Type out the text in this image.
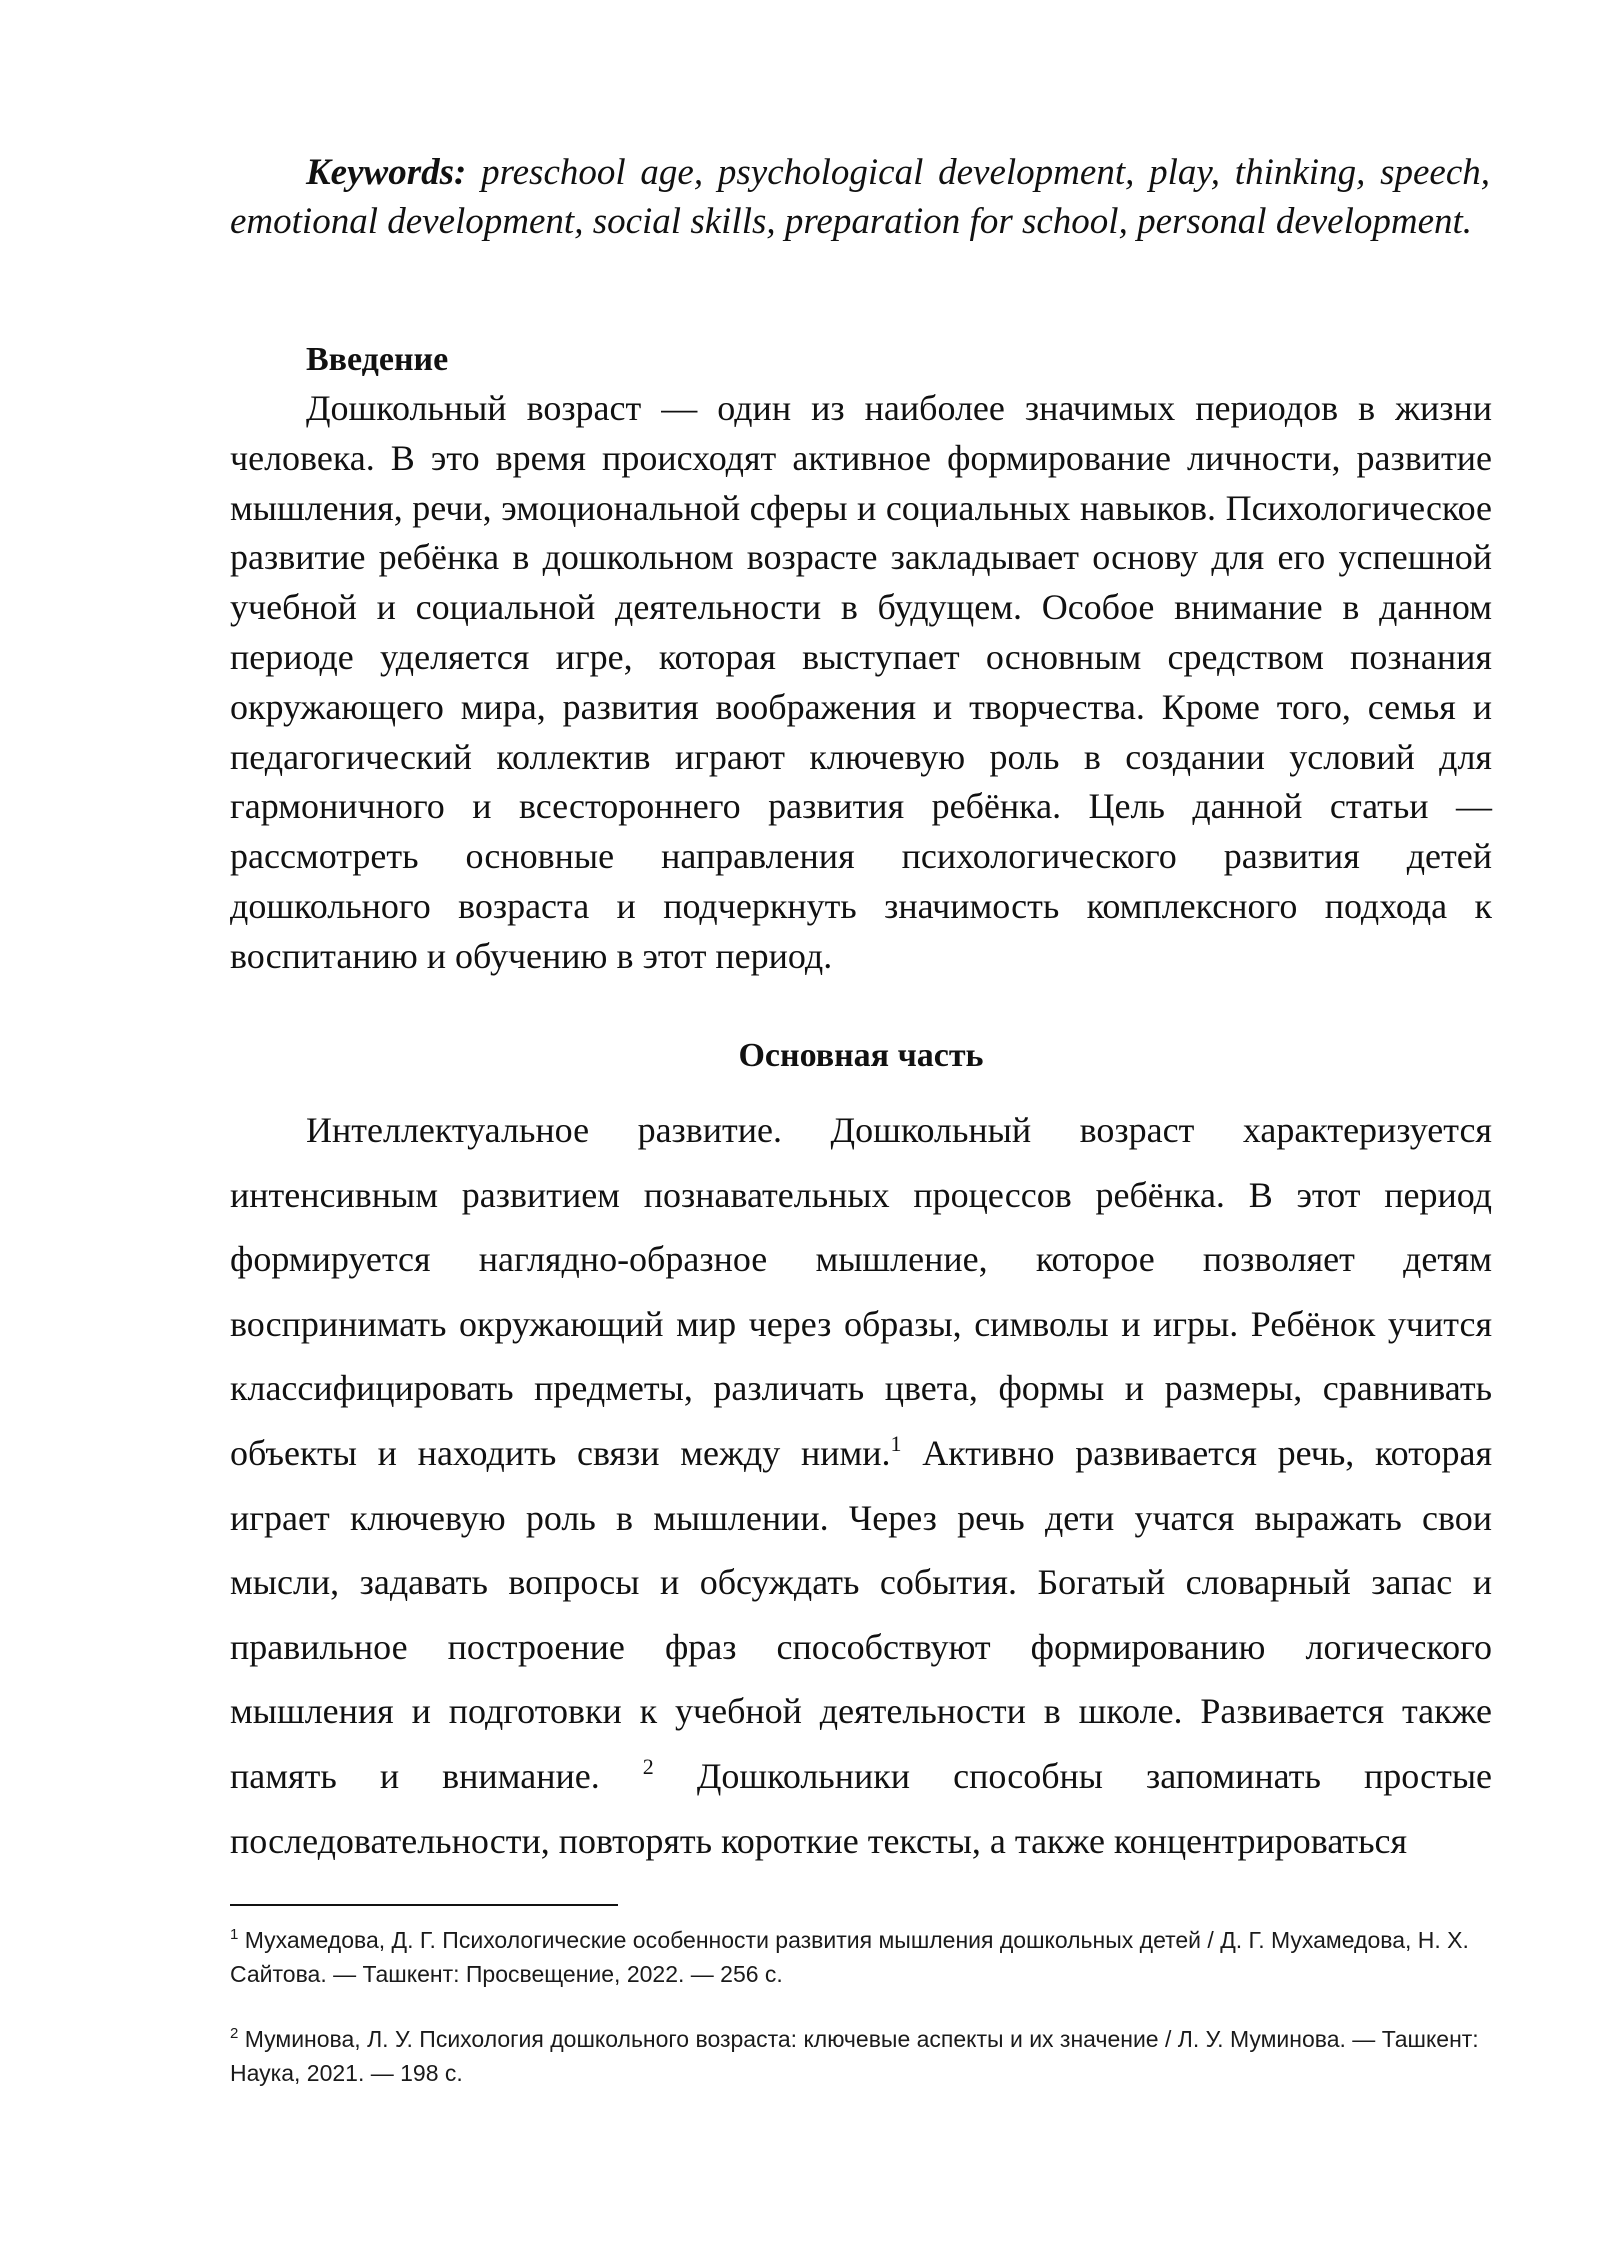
Keywords: preschool age, psychological development, play, thinking, speech, emotional development, social skills, preparation for school, personal development.

Введение

Дошкольный возраст — один из наиболее значимых периодов в жизни человека. В это время происходят активное формирование личности, развитие мышления, речи, эмоциональной сферы и социальных навыков. Психологическое развитие ребёнка в дошкольном возрасте закладывает основу для его успешной учебной и социальной деятельности в будущем. Особое внимание в данном периоде уделяется игре, которая выступает основным средством познания окружающего мира, развития воображения и творчества. Кроме того, семья и педагогический коллектив играют ключевую роль в создании условий для гармоничного и всестороннего развития ребёнка. Цель данной статьи — рассмотреть основные направления психологического развития детей дошкольного возраста и подчеркнуть значимость комплексного подхода к воспитанию и обучению в этот период.

Основная часть

Интеллектуальное развитие. Дошкольный возраст характеризуется интенсивным развитием познавательных процессов ребёнка. В этот период формируется наглядно-образное мышление, которое позволяет детям воспринимать окружающий мир через образы, символы и игры. Ребёнок учится классифицировать предметы, различать цвета, формы и размеры, сравнивать объекты и находить связи между ними.$^1$ Активно развивается речь, которая играет ключевую роль в мышлении. Через речь дети учатся выражать свои мысли, задавать вопросы и обсуждать события. Богатый словарный запас и правильное построение фраз способствуют формированию логического мышления и подготовки к учебной деятельности в школе. Развивается также память и внимание. $^2$ Дошкольники способны запоминать простые последовательности, повторять короткие тексты, а также концентрироваться

$^1$ Мухамедова, Д. Г. Психологические особенности развития мышления дошкольных детей / Д. Г. Мухамедова, Н. Х. Сайтова. — Ташкент: Просвещение, 2022. — 256 с.
$^2$ Муминова, Л. У. Психология дошкольного возраста: ключевые аспекты и их значение / Л. У. Муминова. — Ташкент: Наука, 2021. — 198 с.
